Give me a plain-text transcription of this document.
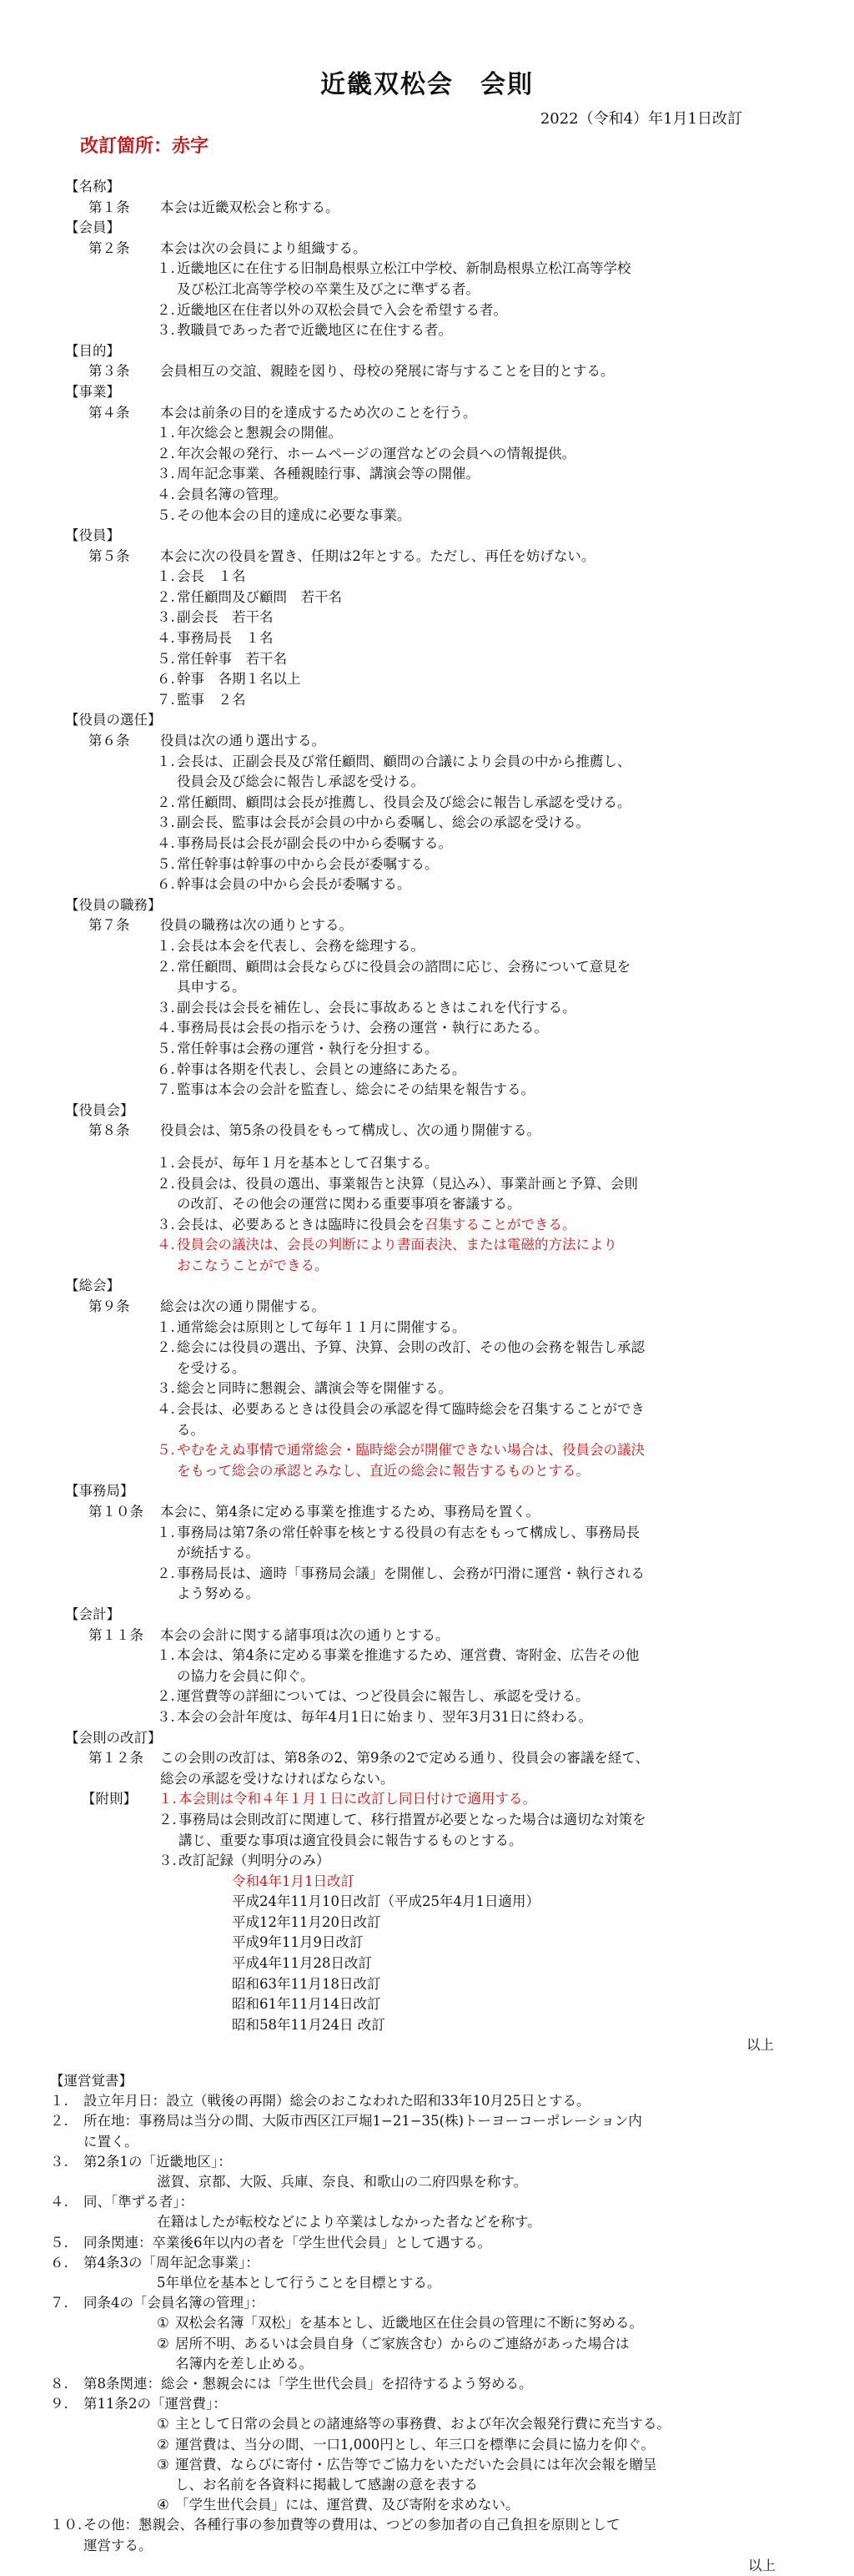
近畿双松会　会則
2022（令和4）年1月1日改訂
改訂箇所：赤字
【名称】
第１条	本会は近畿双松会と称する。
【会員】
第２条	本会は次の会員により組織する。
１. 近畿地区に在住する旧制島根県立松江中学校、新制島根県立松江高等学校
及び松江北高等学校の卒業生及び之に準ずる者。
２. 近畿地区在住者以外の双松会員で入会を希望する者。
３. 教職員であった者で近畿地区に在住する者。
【目的】
第３条	会員相互の交誼、親睦を図り、母校の発展に寄与することを目的とする。
【事業】
第４条	本会は前条の目的を達成するため次のことを行う。
１. 年次総会と懇親会の開催。
２. 年次会報の発行、ホームページの運営などの会員への情報提供。
３. 周年記念事業、各種親睦行事、講演会等の開催。
４. 会員名簿の管理。
５. その他本会の目的達成に必要な事業。
【役員】
第５条	本会に次の役員を置き、任期は2年とする。ただし、再任を妨げない。
１. 会長　１名
２. 常任顧問及び顧問　若干名
３. 副会長　若干名
４. 事務局長　１名
５. 常任幹事　若干名
６. 幹事　各期１名以上
７. 監事　２名
【役員の選任】
第６条	役員は次の通り選出する。
１. 会長は、正副会長及び常任顧問、顧問の合議により会員の中から推薦し、
役員会及び総会に報告し承認を受ける。
２. 常任顧問、顧問は会長が推薦し、役員会及び総会に報告し承認を受ける。
３. 副会長、監事は会長が会員の中から委嘱し、総会の承認を受ける。
４. 事務局長は会長が副会長の中から委嘱する。
５. 常任幹事は幹事の中から会長が委嘱する。
６. 幹事は会員の中から会長が委嘱する。
【役員の職務】
第７条	役員の職務は次の通りとする。
１. 会長は本会を代表し、会務を総理する。
２. 常任顧問、顧問は会長ならびに役員会の諮問に応じ、会務について意見を
具申する。
３. 副会長は会長を補佐し、会長に事故あるときはこれを代行する。
４. 事務局長は会長の指示をうけ、会務の運営・執行にあたる。
５. 常任幹事は会務の運営・執行を分担する。
６. 幹事は各期を代表し、会員との連絡にあたる。
７. 監事は本会の会計を監査し、総会にその結果を報告する。
【役員会】
第８条	役員会は、第5条の役員をもって構成し、次の通り開催する。
１. 会長が、毎年１月を基本として召集する。
２. 役員会は、役員の選出、事業報告と決算（見込み）、事業計画と予算、会則
の改訂、その他会の運営に関わる重要事項を審議する。
３. 会長は、必要あるときは臨時に役員会を召集することができる。
４. 役員会の議決は、会長の判断により書面表決、または電磁的方法により
おこなうことができる。
【総会】
第９条	総会は次の通り開催する。
１. 通常総会は原則として毎年１１月に開催する。
２. 総会には役員の選出、予算、決算、会則の改訂、その他の会務を報告し承認
を受ける。
３. 総会と同時に懇親会、講演会等を開催する。
４. 会長は、必要あるときは役員会の承認を得て臨時総会を召集することができ
る。
５. やむをえぬ事情で通常総会・臨時総会が開催できない場合は、役員会の議決
をもって総会の承認とみなし、直近の総会に報告するものとする。
【事務局】
第１０条	本会に、第4条に定める事業を推進するため、事務局を置く。
１. 事務局は第7条の常任幹事を核とする役員の有志をもって構成し、事務局長
が統括する。
２. 事務局長は、適時「事務局会議」を開催し、会務が円滑に運営・執行される
よう努める。
【会計】
第１１条	本会の会計に関する諸事項は次の通りとする。
１. 本会は、第4条に定める事業を推進するため、運営費、寄附金、広告その他
の協力を会員に仰ぐ。
２. 運営費等の詳細については、つど役員会に報告し、承認を受ける。
３. 本会の会計年度は、毎年4月1日に始まり、翌年3月31日に終わる。
【会則の改訂】
第１２条	この会則の改訂は、第8条の2、第9条の2で定める通り、役員会の審議を経て、
総会の承認を受けなければならない。
【附則】	１. 本会則は令和４年１月１日に改訂し同日付けで適用する。
２. 事務局は会則改訂に関連して、移行措置が必要となった場合は適切な対策を
講じ、重要な事項は適宜役員会に報告するものとする。
３. 改訂記録（判明分のみ）
令和4年1月1日改訂
平成24年11月10日改訂（平成25年4月1日適用）
平成12年11月20日改訂
平成9年11月9日改訂
平成4年11月28日改訂
昭和63年11月18日改訂
昭和61年11月14日改訂
昭和58年11月24日 改訂
以上
【運営覚書】
１.	設立年月日：設立（戦後の再開）総会のおこなわれた昭和33年10月25日とする。
２.	所在地：事務局は当分の間、大阪市西区江戸堀1−21−35(株)トーヨーコーポレーション内
に置く。
３.	第2条1の「近畿地区」：
滋賀、京都、大阪、兵庫、奈良、和歌山の二府四県を称す。
４.	同、「準ずる者」：
在籍はしたが転校などにより卒業はしなかった者などを称す。
５.	同条関連：卒業後6年以内の者を「学生世代会員」として遇する。
６.	第4条3の「周年記念事業」：
5年単位を基本として行うことを目標とする。
７.	同条4の「会員名簿の管理」：
① 双松会名簿「双松」を基本とし、近畿地区在住会員の管理に不断に努める。
② 居所不明、あるいは会員自身（ご家族含む）からのご連絡があった場合は
名簿内を差し止める。
８.	第8条関連：総会・懇親会には「学生世代会員」を招待するよう努める。
９.	第11条2の「運営費」：
① 主として日常の会員との諸連絡等の事務費、および年次会報発行費に充当する。
② 運営費は、当分の間、一口1,000円とし、年三口を標準に会員に協力を仰ぐ。
③ 運営費、ならびに寄付・広告等でご協力をいただいた会員には年次会報を贈呈
し、お名前を各資料に掲載して感謝の意を表する
④ 「学生世代会員」には、運営費、及び寄附を求めない。
１０. その他：懇親会、各種行事の参加費等の費用は、つどの参加者の自己負担を原則として
運営する。
以上
